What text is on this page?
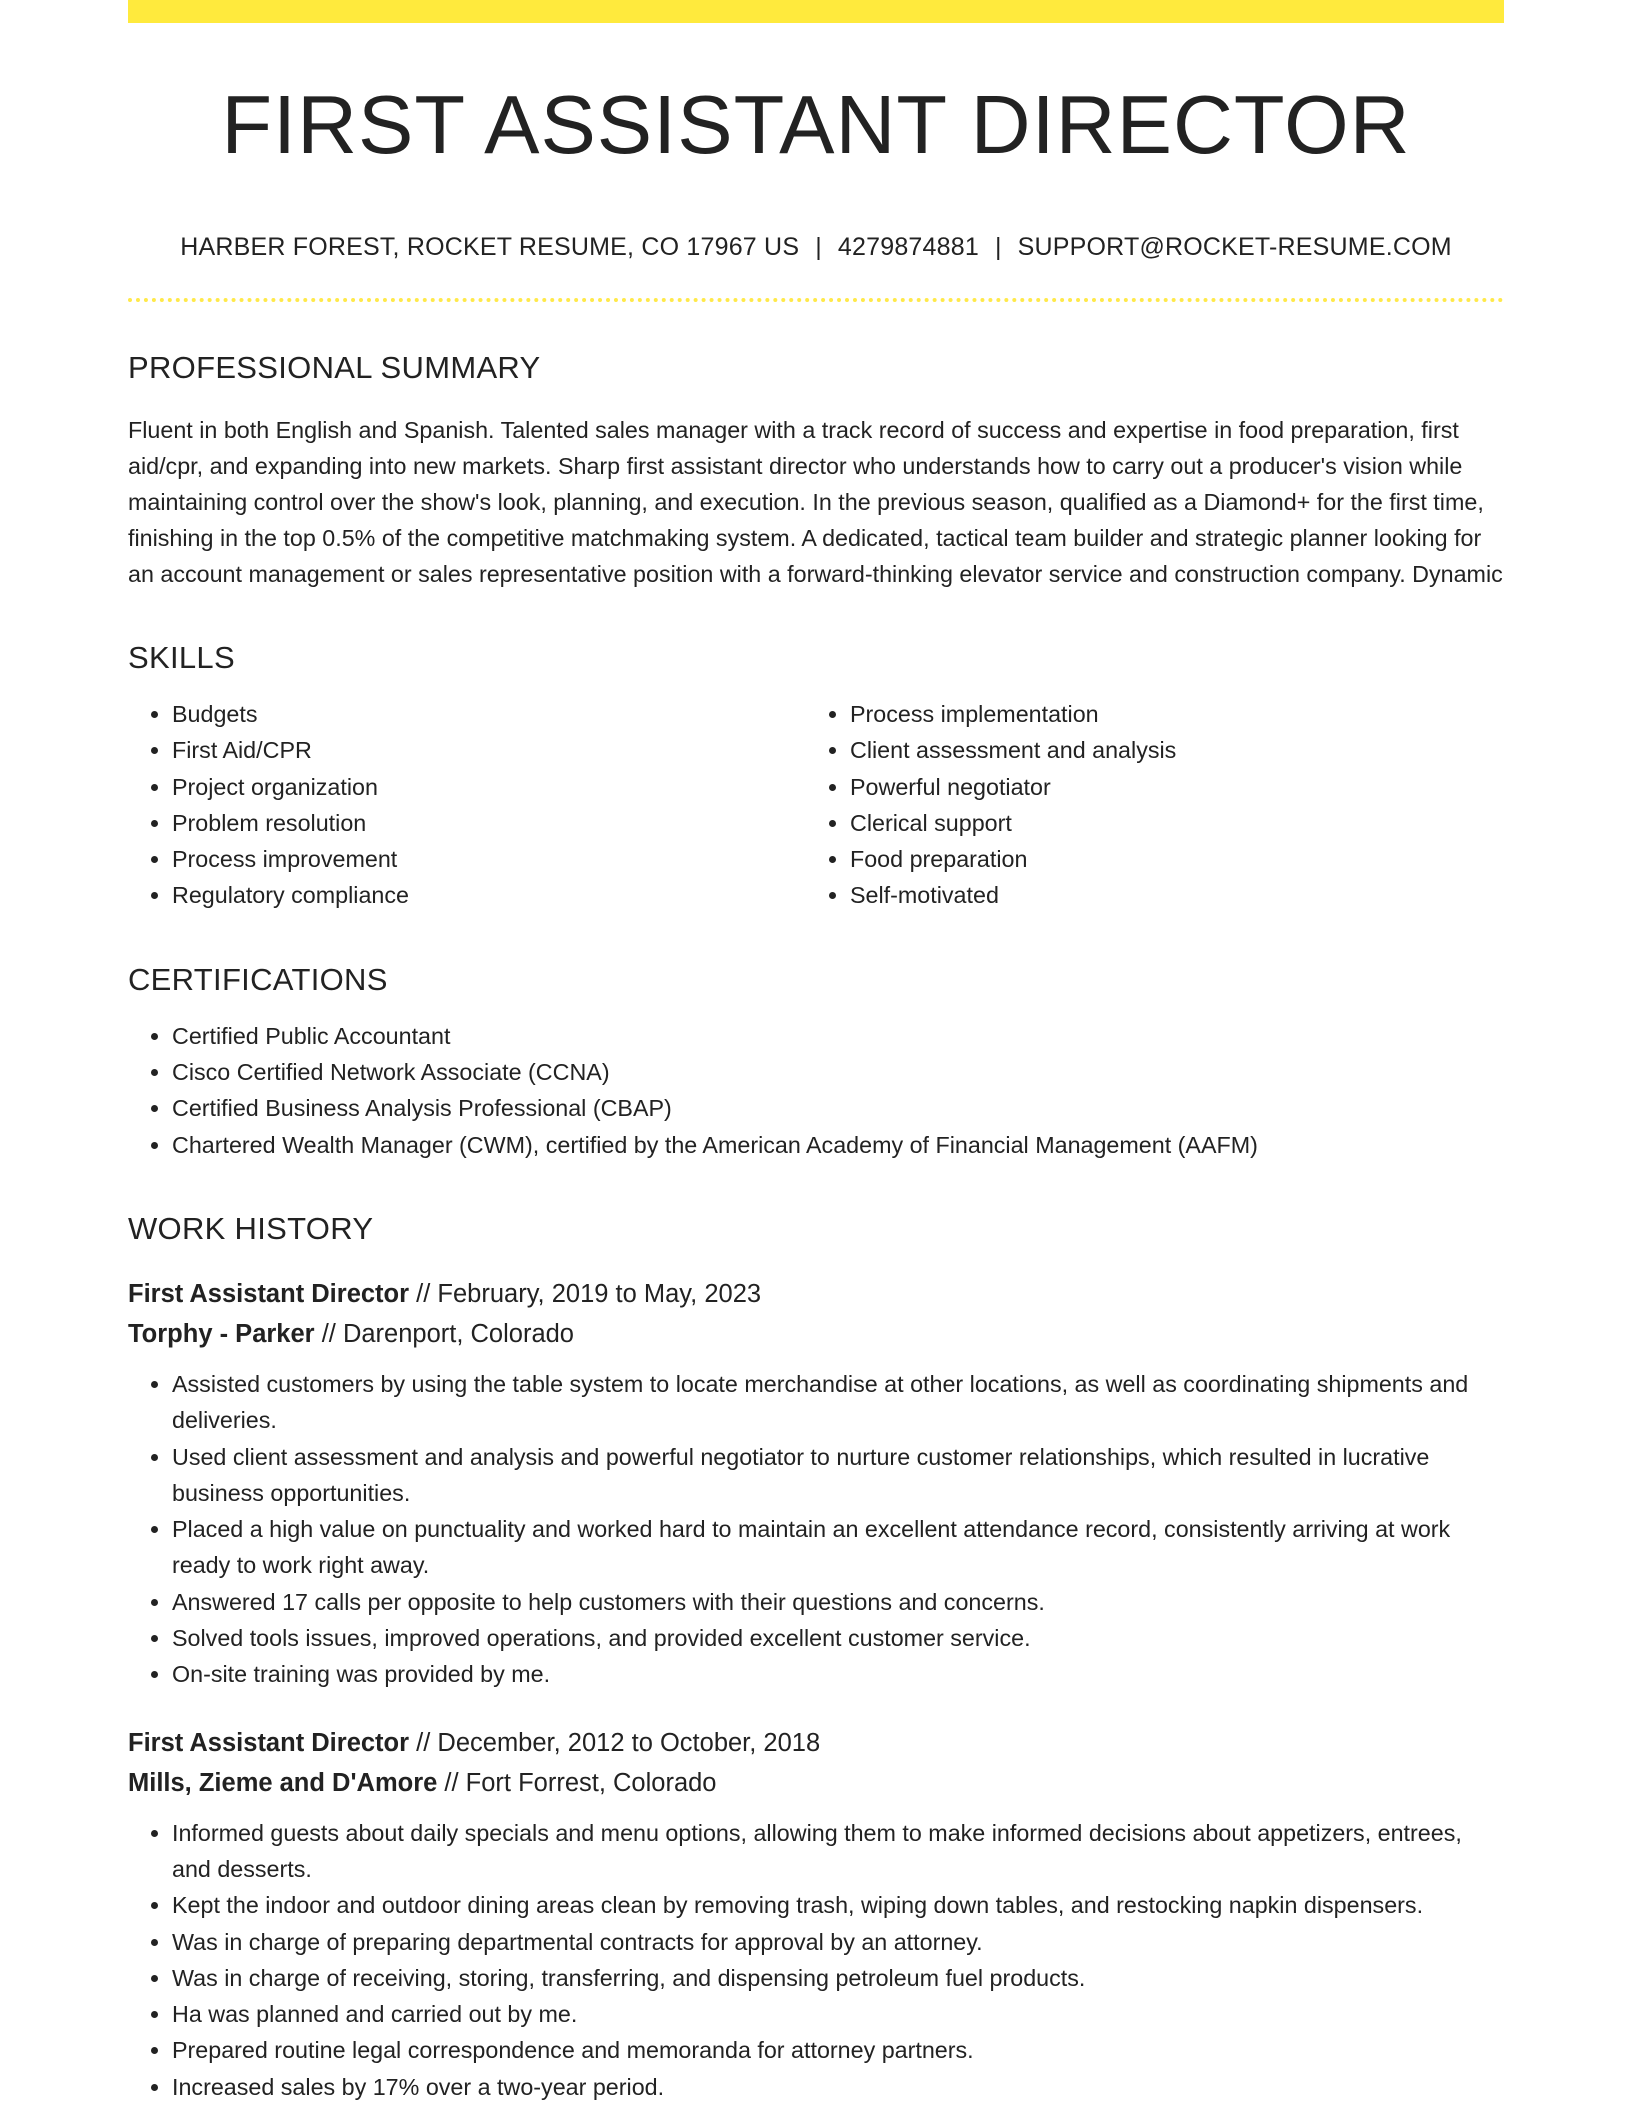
FIRST ASSISTANT DIRECTOR
HARBER FOREST, ROCKET RESUME, CO 17967 US | 4279874881 | SUPPORT@ROCKET-RESUME.COM
PROFESSIONAL SUMMARY
Fluent in both English and Spanish. Talented sales manager with a track record of success and expertise in food preparation, first aid/cpr, and expanding into new markets. Sharp first assistant director who understands how to carry out a producer's vision while maintaining control over the show's look, planning, and execution. In the previous season, qualified as a Diamond+ for the first time, finishing in the top 0.5% of the competitive matchmaking system. A dedicated, tactical team builder and strategic planner looking for an account management or sales representative position with a forward-thinking elevator service and construction company. Dynamic
SKILLS
• Budgets
• First Aid/CPR
• Project organization
• Problem resolution
• Process improvement
• Regulatory compliance
• Process implementation
• Client assessment and analysis
• Powerful negotiator
• Clerical support
• Food preparation
• Self-motivated
CERTIFICATIONS
• Certified Public Accountant
• Cisco Certified Network Associate (CCNA)
• Certified Business Analysis Professional (CBAP)
• Chartered Wealth Manager (CWM), certified by the American Academy of Financial Management (AAFM)
WORK HISTORY
First Assistant Director // February, 2019 to May, 2023
Torphy - Parker // Darenport, Colorado
• Assisted customers by using the table system to locate merchandise at other locations, as well as coordinating shipments and deliveries.
• Used client assessment and analysis and powerful negotiator to nurture customer relationships, which resulted in lucrative business opportunities.
• Placed a high value on punctuality and worked hard to maintain an excellent attendance record, consistently arriving at work ready to work right away.
• Answered 17 calls per opposite to help customers with their questions and concerns.
• Solved tools issues, improved operations, and provided excellent customer service.
• On-site training was provided by me.
First Assistant Director // December, 2012 to October, 2018
Mills, Zieme and D'Amore // Fort Forrest, Colorado
• Informed guests about daily specials and menu options, allowing them to make informed decisions about appetizers, entrees, and desserts.
• Kept the indoor and outdoor dining areas clean by removing trash, wiping down tables, and restocking napkin dispensers.
• Was in charge of preparing departmental contracts for approval by an attorney.
• Was in charge of receiving, storing, transferring, and dispensing petroleum fuel products.
• Ha was planned and carried out by me.
• Prepared routine legal correspondence and memoranda for attorney partners.
• Increased sales by 17% over a two-year period.
